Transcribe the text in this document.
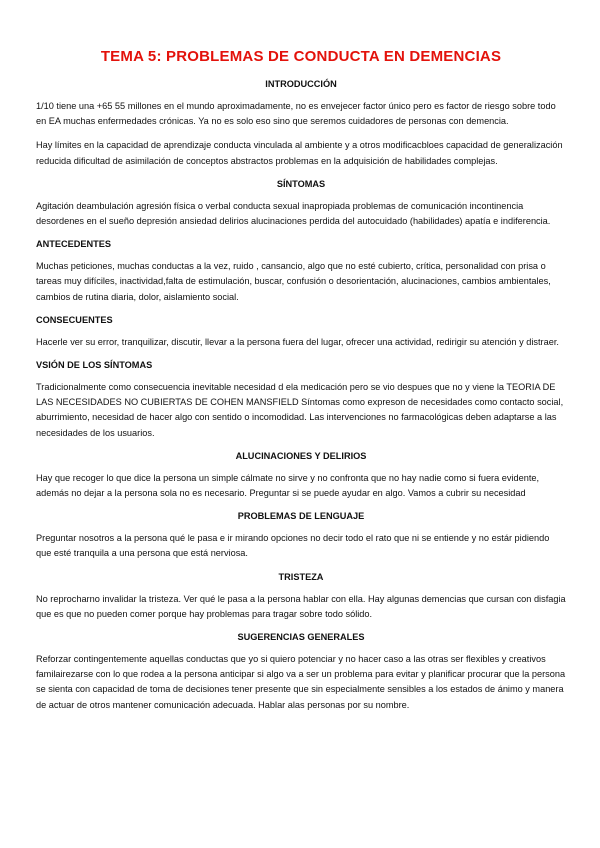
TEMA 5: PROBLEMAS DE CONDUCTA EN DEMENCIAS
INTRODUCCIÓN

1/10 tiene una +65 55 millones en el mundo aproximadamente, no es envejecer factor único pero es factor de riesgo sobre todo en EA muchas enfermedades crónicas. Ya no es solo eso sino que seremos cuidadores de personas con demencia.

Hay límites en la capacidad de aprendizaje conducta vinculada al ambiente y a otros modificacbloes capacidad de generalización reducida dificultad de asimilación de conceptos abstractos problemas en la adquisición de habilidades complejas.

SÍNTOMAS

Agitación deambulación agresión física o verbal conducta sexual inapropiada problemas de comunicación incontinencia desordenes en el sueño depresión ansiedad delirios alucinaciones perdida del autocuidado (habilidades) apatía e indiferencia.

ANTECEDENTES

Muchas peticiones, muchas conductas a la vez, ruido , cansancio, algo que no esté cubierto, crítica, personalidad con prisa o tareas muy difíciles, inactividad,falta de estimulación, buscar, confusión o desorientación, alucinaciones, cambios ambientales, cambios de rutina diaria, dolor, aislamiento social.

CONSECUENTES

Hacerle ver su error, tranquilizar, discutir, llevar a la persona fuera del lugar, ofrecer una actividad, redirigir su atención y distraer.

VSIÓN DE LOS SÍNTOMAS

Tradicionalmente como consecuencia inevitable necesidad d ela medicación pero se vio despues que no y viene la TEORIA DE LAS NECESIDADES NO CUBIERTAS DE COHEN MANSFIELD Síntomas como expreson de necesidades como contacto social, aburrimiento, necesidad de hacer algo con sentido o incomodidad. Las intervenciones no farmacológicas deben adaptarse a las necesidades de los usuarios.

ALUCINACIONES Y DELIRIOS

Hay que recoger lo que dice la persona un simple cálmate no sirve y no confronta que no hay nadie como si fuera evidente, además no dejar a la persona sola no es necesario. Preguntar si se puede ayudar en algo. Vamos a cubrir su necesidad

PROBLEMAS DE LENGUAJE

Preguntar nosotros a la persona qué le pasa e ir mirando opciones no decir todo el rato que ni se entiende y no estár pidiendo que esté tranquila a una persona que está nerviosa.

TRISTEZA

No reprocharno invalidar la tristeza. Ver qué le pasa a la persona hablar con ella. Hay algunas demencias que cursan con disfagia que es que no pueden comer porque hay problemas para tragar sobre todo sólido.

SUGERENCIAS GENERALES

Reforzar contingentemente aquellas conductas que yo si quiero potenciar y no hacer caso a las otras ser flexibles y creativos familairezarse con lo que rodea a la persona anticipar si algo va a ser un problema para evitar y planificar procurar que la persona se sienta con capacidad de toma de decisiones tener presente que sin especialmente sensibles a los estados de ánimo y manera de actuar de otros mantener comunicación adecuada. Hablar alas personas por su nombre.
